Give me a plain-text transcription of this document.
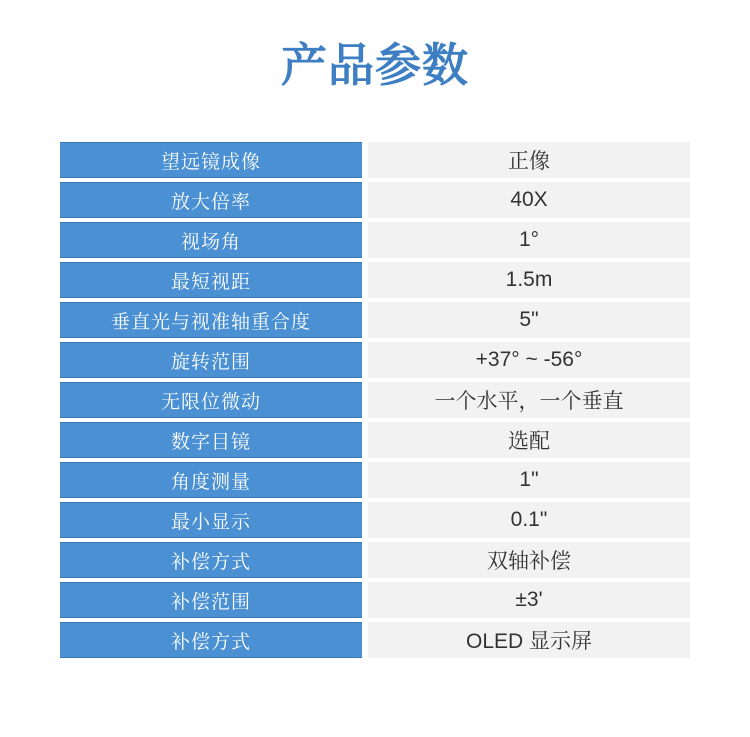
产品参数
望远镜成像	正像
放大倍率	40X
视场角	1°
最短视距	1.5m
垂直光与视准轴重合度	5"
旋转范围	+37° ~ -56°
无限位微动	一个水平，一个垂直
数字目镜	选配
角度测量	1"
最小显示	0.1"
补偿方式	双轴补偿
补偿范围	±3'
补偿方式	OLED 显示屏
